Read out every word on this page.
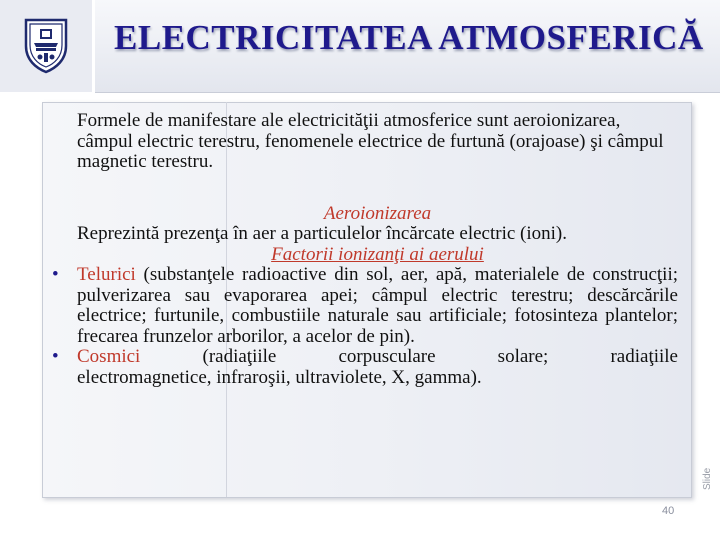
ELECTRICITATEA ATMOSFERICĂ

Formele de manifestare ale electricităţii atmosferice sunt aeroionizarea, câmpul electric terestru, fenomenele electrice de furtună (orajoase) şi câmpul magnetic terestru.

Aeroionizarea

Reprezintă prezenţa în aer a particulelor încărcate electric (ioni).

Factorii ionizanţi ai aerului

• Telurici (substanţele radioactive din sol, aer, apă, materialele de construcţii; pulverizarea sau evaporarea apei; câmpul electric terestru; descărcările electrice; furtunile, combustiile naturale sau artificiale; fotosinteza plantelor; frecarea frunzelor arborilor, a acelor de pin).
• Cosmici (radiaţiile corpusculare solare; radiaţiile
electromagnetice, infraroşii, ultraviolete, X, gamma).
40
Slide
